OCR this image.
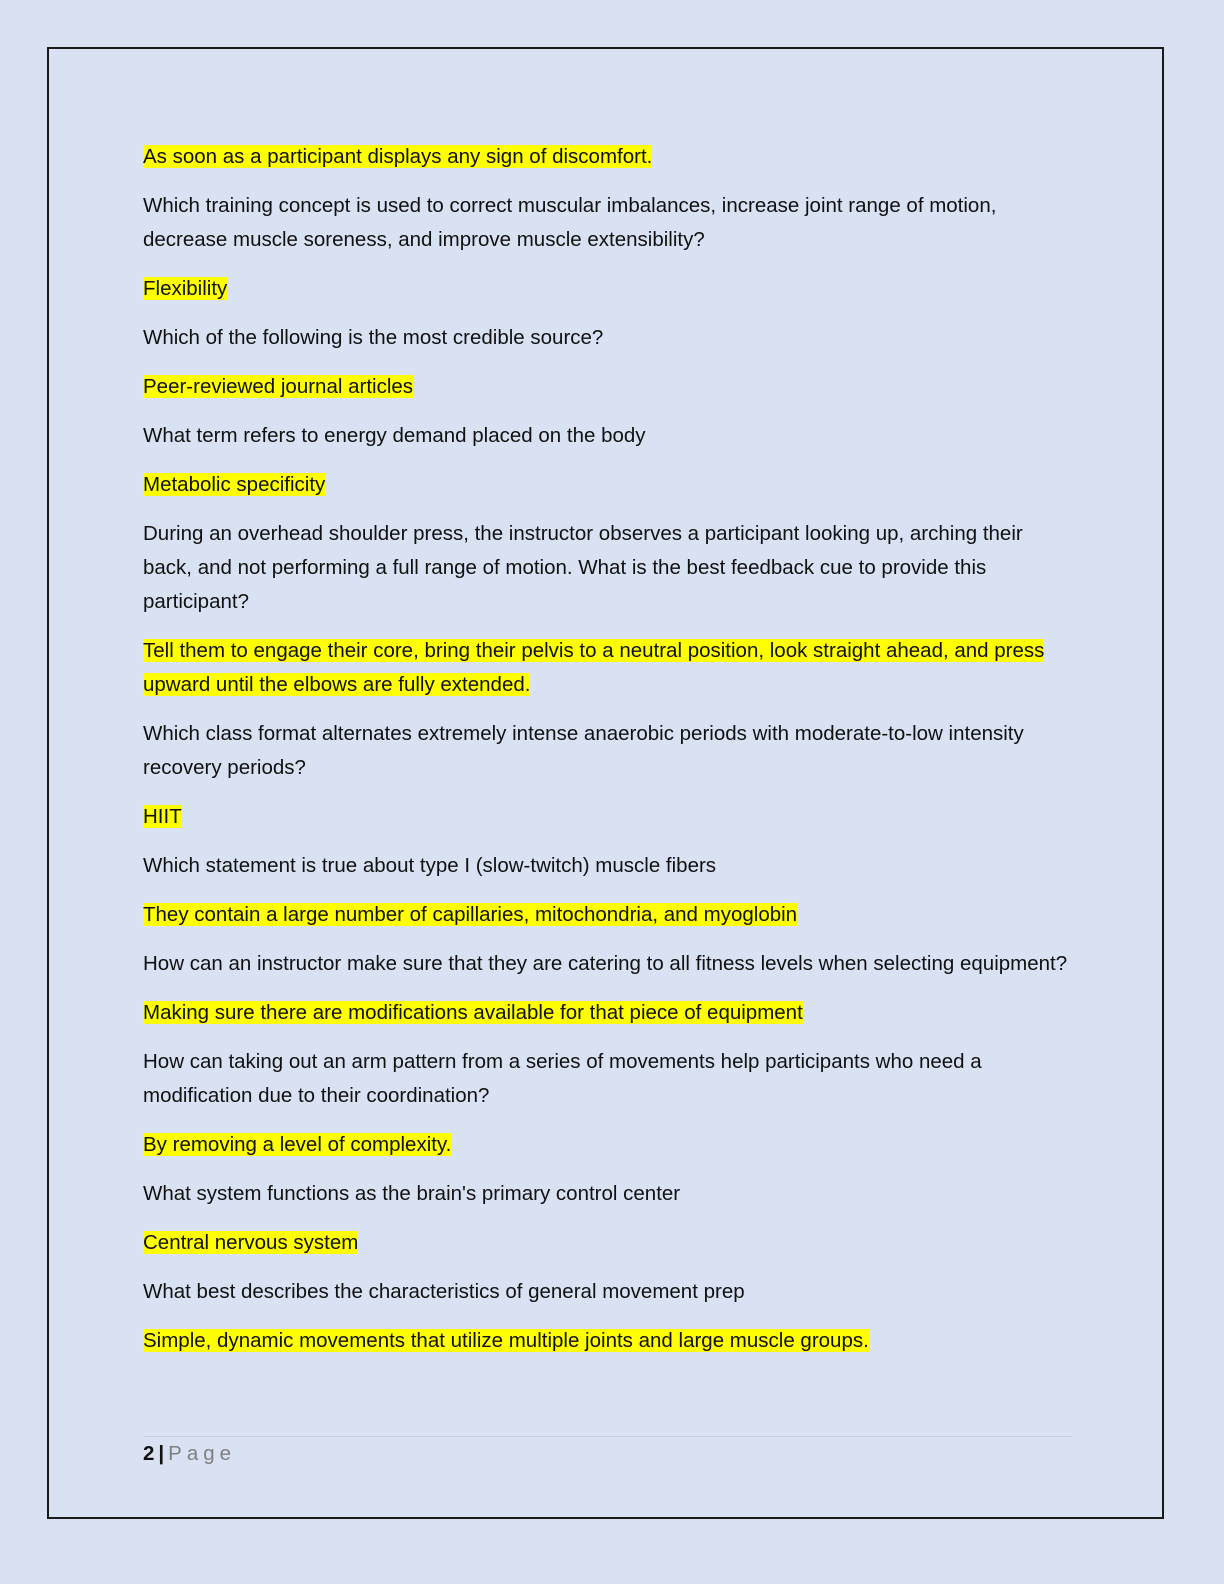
As soon as a participant displays any sign of discomfort.

Which training concept is used to correct muscular imbalances, increase joint range of motion, decrease muscle soreness, and improve muscle extensibility?

Flexibility

Which of the following is the most credible source?

Peer-reviewed journal articles

What term refers to energy demand placed on the body

Metabolic specificity

During an overhead shoulder press, the instructor observes a participant looking up, arching their back, and not performing a full range of motion. What is the best feedback cue to provide this participant?

Tell them to engage their core, bring their pelvis to a neutral position, look straight ahead, and press upward until the elbows are fully extended.

Which class format alternates extremely intense anaerobic periods with moderate-to-low intensity recovery periods?

HIIT

Which statement is true about type I (slow-twitch) muscle fibers

They contain a large number of capillaries, mitochondria, and myoglobin

How can an instructor make sure that they are catering to all fitness levels when selecting equipment?

Making sure there are modifications available for that piece of equipment

How can taking out an arm pattern from a series of movements help participants who need a modification due to their coordination?

By removing a level of complexity.

What system functions as the brain's primary control center

Central nervous system

What best describes the characteristics of general movement prep

Simple, dynamic movements that utilize multiple joints and large muscle groups.

2 | Page
